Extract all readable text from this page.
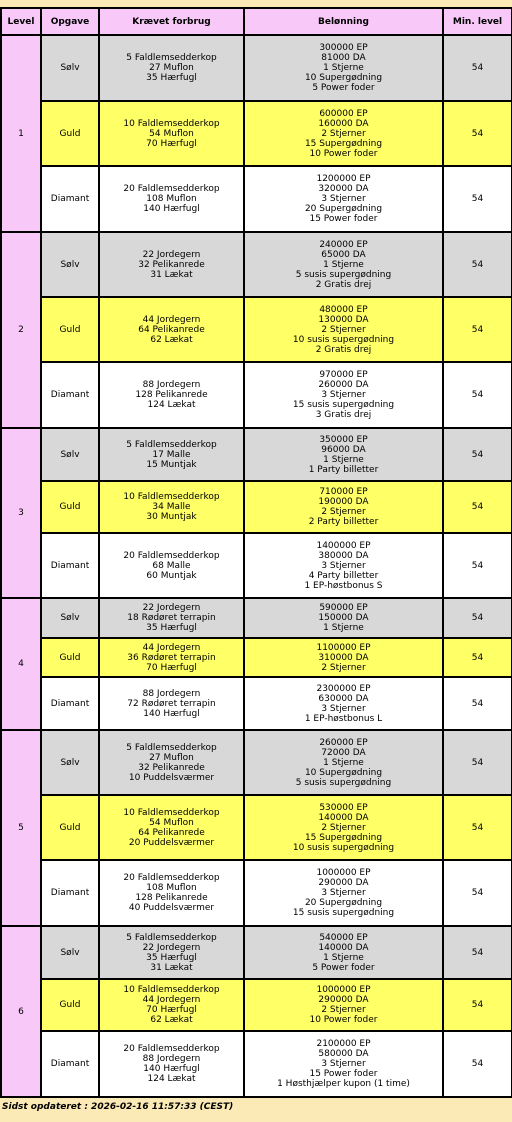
Level	Opgave	Krævet forbrug	Belønning	Min. level
1	Sølv	5 Faldlemsedderkop
27 Muflon
35 Hærfugl	300000 EP
81000 DA
1 Stjerne
10 Supergødning
5 Power foder	54
	Guld	10 Faldlemsedderkop
54 Muflon
70 Hærfugl	600000 EP
160000 DA
2 Stjerner
15 Supergødning
10 Power foder	54
	Diamant	20 Faldlemsedderkop
108 Muflon
140 Hærfugl	1200000 EP
320000 DA
3 Stjerner
20 Supergødning
15 Power foder	54
2	Sølv	22 Jordegern
32 Pelikanrede
31 Lækat	240000 EP
65000 DA
1 Stjerne
5 susis supergødning
2 Gratis drej	54
	Guld	44 Jordegern
64 Pelikanrede
62 Lækat	480000 EP
130000 DA
2 Stjerner
10 susis supergødning
2 Gratis drej	54
	Diamant	88 Jordegern
128 Pelikanrede
124 Lækat	970000 EP
260000 DA
3 Stjerner
15 susis supergødning
3 Gratis drej	54
3	Sølv	5 Faldlemsedderkop
17 Malle
15 Muntjak	350000 EP
96000 DA
1 Stjerne
1 Party billetter	54
	Guld	10 Faldlemsedderkop
34 Malle
30 Muntjak	710000 EP
190000 DA
2 Stjerner
2 Party billetter	54
	Diamant	20 Faldlemsedderkop
68 Malle
60 Muntjak	1400000 EP
380000 DA
3 Stjerner
4 Party billetter
1 EP-høstbonus S	54
4	Sølv	22 Jordegern
18 Rødøret terrapin
35 Hærfugl	590000 EP
150000 DA
1 Stjerne	54
	Guld	44 Jordegern
36 Rødøret terrapin
70 Hærfugl	1100000 EP
310000 DA
2 Stjerner	54
	Diamant	88 Jordegern
72 Rødøret terrapin
140 Hærfugl	2300000 EP
630000 DA
3 Stjerner
1 EP-høstbonus L	54
5	Sølv	5 Faldlemsedderkop
27 Muflon
32 Pelikanrede
10 Puddelsværmer	260000 EP
72000 DA
1 Stjerne
10 Supergødning
5 susis supergødning	54
	Guld	10 Faldlemsedderkop
54 Muflon
64 Pelikanrede
20 Puddelsværmer	530000 EP
140000 DA
2 Stjerner
15 Supergødning
10 susis supergødning	54
	Diamant	20 Faldlemsedderkop
108 Muflon
128 Pelikanrede
40 Puddelsværmer	1000000 EP
290000 DA
3 Stjerner
20 Supergødning
15 susis supergødning	54
6	Sølv	5 Faldlemsedderkop
22 Jordegern
35 Hærfugl
31 Lækat	540000 EP
140000 DA
1 Stjerne
5 Power foder	54
	Guld	10 Faldlemsedderkop
44 Jordegern
70 Hærfugl
62 Lækat	1000000 EP
290000 DA
2 Stjerner
10 Power foder	54
	Diamant	20 Faldlemsedderkop
88 Jordegern
140 Hærfugl
124 Lækat	2100000 EP
580000 DA
3 Stjerner
15 Power foder
1 Høsthjælper kupon (1 time)	54
Sidst opdateret : 2026-02-16 11:57:33 (CEST)
